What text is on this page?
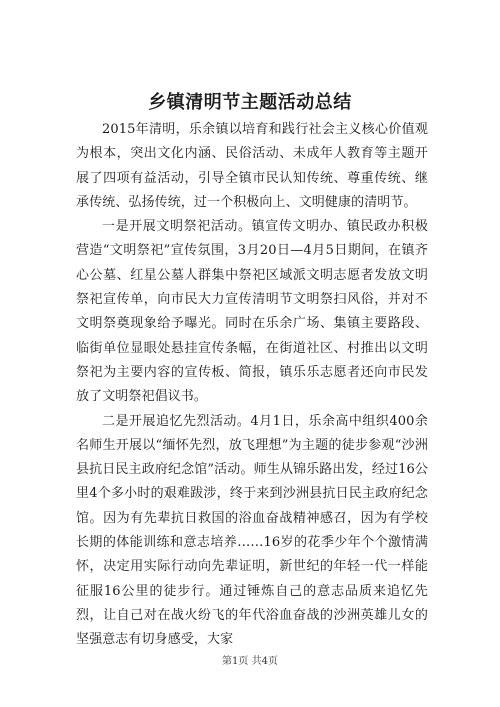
乡镇清明节主题活动总结

2015年清明，乐余镇以培育和践行社会主义核心价值观为根本，突出文化内涵、民俗活动、未成年人教育等主题开展了四项有益活动，引导全镇市民认知传统、尊重传统、继承传统、弘扬传统，过一个积极向上、文明健康的清明节。

一是开展文明祭祀活动。镇宣传文明办、镇民政办积极营造“文明祭祀”宣传氛围，3月20日—4月5日期间，在镇齐心公墓、红星公墓人群集中祭祀区域派文明志愿者发放文明祭祀宣传单，向市民大力宣传清明节文明祭扫风俗，并对不文明祭奠现象给予曝光。同时在乐余广场、集镇主要路段、临街单位显眼处悬挂宣传条幅，在街道社区、村推出以文明祭祀为主要内容的宣传板、简报，镇乐乐志愿者还向市民发放了文明祭祀倡议书。

二是开展追忆先烈活动。4月1日，乐余高中组织400余名师生开展以“缅怀先烈，放飞理想”为主题的徒步参观“沙洲县抗日民主政府纪念馆”活动。师生从锦乐路出发，经过16公里4个多小时的艰难跋涉，终于来到沙洲县抗日民主政府纪念馆。因为有先辈抗日救国的浴血奋战精神感召，因为有学校长期的体能训练和意志培养……16岁的花季少年个个激情满怀，决定用实际行动向先辈证明，新世纪的年轻一代一样能征服16公里的徒步行。通过锤炼自己的意志品质来追忆先烈，让自己对在战火纷飞的年代浴血奋战的沙洲英雄儿女的坚强意志有切身感受，大家

第1页 共4页
